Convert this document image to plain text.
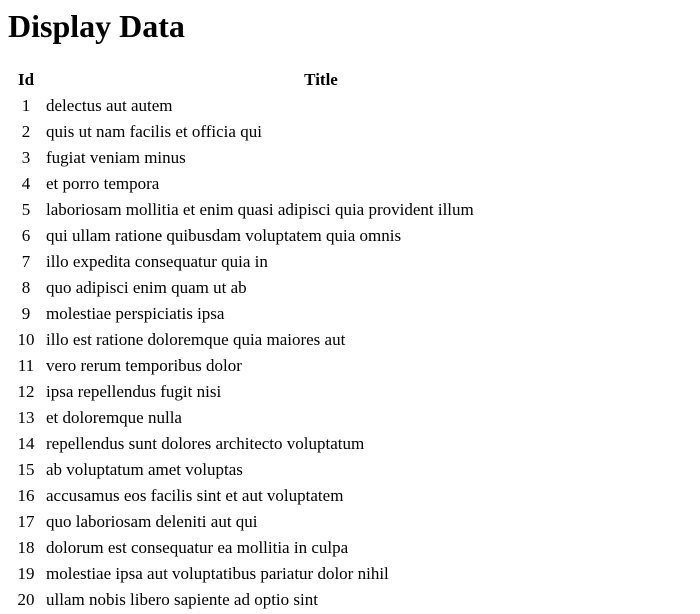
Display Data
Id	Title
1	delectus aut autem
2	quis ut nam facilis et officia qui
3	fugiat veniam minus
4	et porro tempora
5	laboriosam mollitia et enim quasi adipisci quia provident illum
6	qui ullam ratione quibusdam voluptatem quia omnis
7	illo expedita consequatur quia in
8	quo adipisci enim quam ut ab
9	molestiae perspiciatis ipsa
10	illo est ratione doloremque quia maiores aut
11	vero rerum temporibus dolor
12	ipsa repellendus fugit nisi
13	et doloremque nulla
14	repellendus sunt dolores architecto voluptatum
15	ab voluptatum amet voluptas
16	accusamus eos facilis sint et aut voluptatem
17	quo laboriosam deleniti aut qui
18	dolorum est consequatur ea mollitia in culpa
19	molestiae ipsa aut voluptatibus pariatur dolor nihil
20	ullam nobis libero sapiente ad optio sint
